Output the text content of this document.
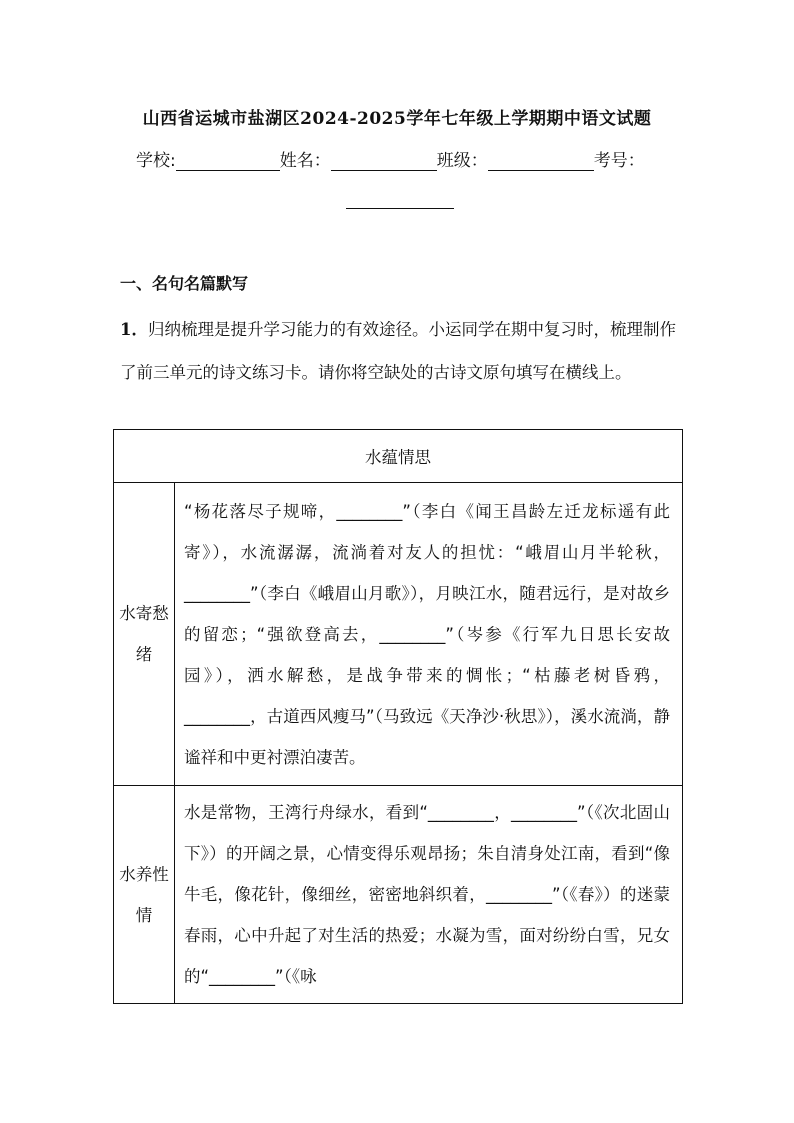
山西省运城市盐湖区2024-2025学年七年级上学期期中语文试题
学校:	姓名：	班级：	考号：
一、名句名篇默写
1．归纳梳理是提升学习能力的有效途径。小运同学在期中复习时，梳理制作了前三单元的诗文练习卡。请你将空缺处的古诗文原句填写在横线上。
水蕴情思	
水寄愁绪	“杨花落尽子规啼，________”（李白《闻王昌龄左迁龙标遥有此寄》），水流潺潺，流淌着对友人的担忧：“峨眉山月半轮秋，________”（李白《峨眉山月歌》），月映江水，随君远行，是对故乡的留恋；“强欲登高去，________”（岑参《行军九日思长安故园》），洒水解愁，是战争带来的惆怅；“枯藤老树昏鸦，________，古道西风瘦马”（马致远《天净沙·秋思》），溪水流淌，静谧祥和中更衬漂泊凄苦。
水养性情	水是常物，王湾行舟绿水，看到“________，________”（《次北固山下》）的开阔之景，心情变得乐观昂扬；朱自清身处江南，看到“像牛毛，像花针，像细丝，密密地斜织着，________”（《春》）的迷蒙春雨，心中升起了对生活的热爱；水凝为雪，面对纷纷白雪，兄女的“________”（《咏
